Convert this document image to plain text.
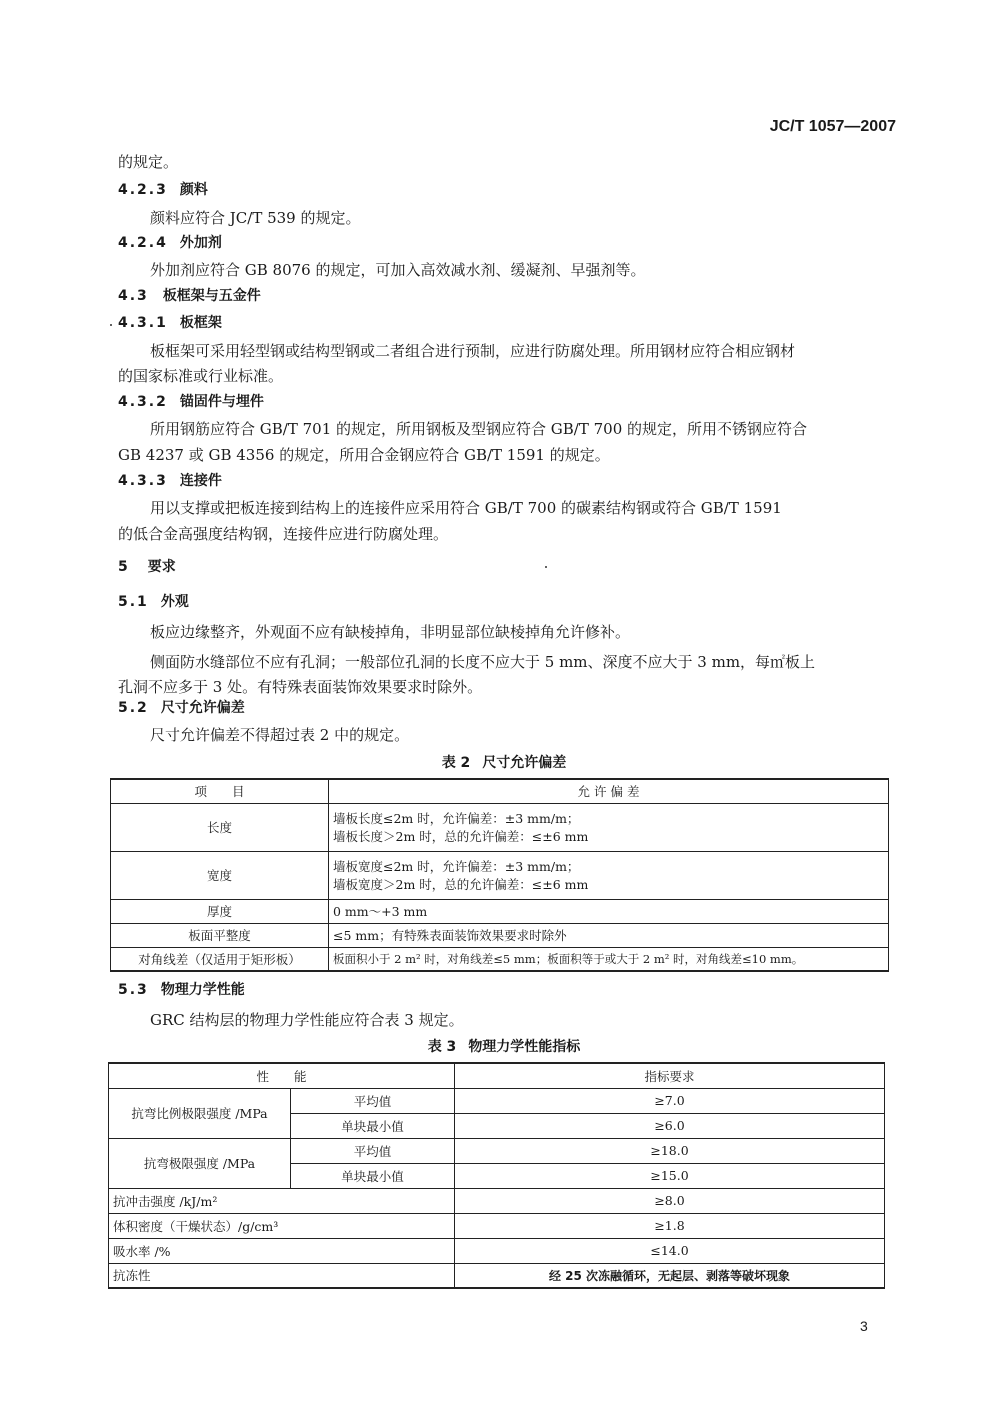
JC/T 1057—2007
的规定。
4.2.3 颜料
颜料应符合 JC/T 539 的规定。
4.2.4 外加剂
外加剂应符合 GB 8076 的规定，可加入高效减水剂、缓凝剂、早强剂等。
4.3 板框架与五金件
4.3.1 板框架
板框架可采用轻型钢或结构型钢或二者组合进行预制，应进行防腐处理。所用钢材应符合相应钢材
的国家标准或行业标准。
4.3.2 锚固件与埋件
所用钢筋应符合 GB/T 701 的规定，所用钢板及型钢应符合 GB/T 700 的规定，所用不锈钢应符合
GB 4237 或 GB 4356 的规定，所用合金钢应符合 GB/T 1591 的规定。
4.3.3 连接件
用以支撑或把板连接到结构上的连接件应采用符合 GB/T 700 的碳素结构钢或符合 GB/T 1591
的低合金高强度结构钢，连接件应进行防腐处理。
5 要求
5.1 外观
板应边缘整齐，外观面不应有缺棱掉角，非明显部位缺棱掉角允许修补。
侧面防水缝部位不应有孔洞；一般部位孔洞的长度不应大于 5 mm、深度不应大于 3 mm，每㎡板上
孔洞不应多于 3 处。有特殊表面装饰效果要求时除外。
5.2 尺寸允许偏差
尺寸允许偏差不得超过表 2 中的规定。
表 2 尺寸允许偏差
项　　目	允 许 偏 差
长度	墙板长度≤2m 时，允许偏差：±3 mm/m；
墙板长度＞2m 时，总的允许偏差：≤±6 mm

宽度	墙板宽度≤2m 时，允许偏差：±3 mm/m；
墙板宽度＞2m 时，总的允许偏差：≤±6 mm

厚度	0 mm～+3 mm
板面平整度	≤5 mm；有特殊表面装饰效果要求时除外
对角线差（仅适用于矩形板）	板面积小于 2 m² 时，对角线差≤5 mm；板面积等于或大于 2 m² 时，对角线差≤10 mm。
5.3 物理力学性能
GRC 结构层的物理力学性能应符合表 3 规定。
表 3 物理力学性能指标
性　　能		指标要求
抗弯比例极限强度 /MPa	平均值	≥7.0
	单块最小值	≥6.0
抗弯极限强度 /MPa	平均值	≥18.0
	单块最小值	≥15.0
抗冲击强度 /kJ/m²		≥8.0
体积密度（干燥状态）/g/cm³		≥1.8
吸水率 /%		≤14.0
抗冻性		经 25 次冻融循环，无起层、剥落等破坏现象
3
